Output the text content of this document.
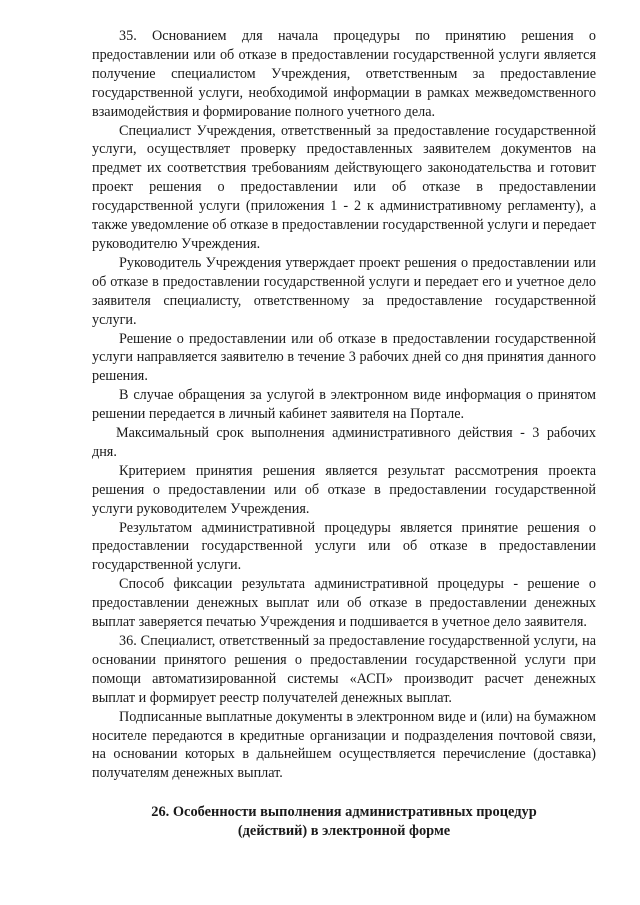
35. Основанием для начала процедуры по принятию решения о предоставлении или об отказе в предоставлении государственной услуги является получение специалистом Учреждения, ответственным за предоставление государственной услуги, необходимой информации в рамках межведомственного взаимодействия и формирование полного учетного дела.

Специалист Учреждения, ответственный за предоставление государственной услуги, осуществляет проверку предоставленных заявителем документов на предмет их соответствия требованиям действующего законодательства и готовит проект решения о предоставлении или об отказе в предоставлении государственной услуги (приложения 1 - 2 к административному регламенту), а также уведомление об отказе в предоставлении государственной услуги и передает руководителю Учреждения.

Руководитель Учреждения утверждает проект решения о предоставлении или об отказе в предоставлении государственной услуги и передает его и учетное дело заявителя специалисту, ответственному за предоставление государственной услуги.

Решение о предоставлении или об отказе в предоставлении государственной услуги направляется заявителю в течение 3 рабочих дней со дня принятия данного решения.

В случае обращения за услугой в электронном виде информация о принятом решении передается в личный кабинет заявителя на Портале.

Максимальный срок выполнения административного действия - 3 рабочих дня.

Критерием принятия решения является результат рассмотрения проекта решения о предоставлении или об отказе в предоставлении государственной услуги руководителем Учреждения.

Результатом административной процедуры является принятие решения о предоставлении государственной услуги или об отказе в предоставлении государственной услуги.

Способ фиксации результата административной процедуры - решение о предоставлении денежных выплат или об отказе в предоставлении денежных выплат заверяется печатью Учреждения и подшивается в учетное дело заявителя.

36. Специалист, ответственный за предоставление государственной услуги, на основании принятого решения о предоставлении государственной услуги при помощи автоматизированной системы «АСП» производит расчет денежных выплат и формирует реестр получателей денежных выплат.

Подписанные выплатные документы в электронном виде и (или) на бумажном носителе передаются в кредитные организации и подразделения почтовой связи, на основании которых в дальнейшем осуществляется перечисление (доставка) получателям денежных выплат.

26. Особенности выполнения административных процедур
(действий) в электронной форме
